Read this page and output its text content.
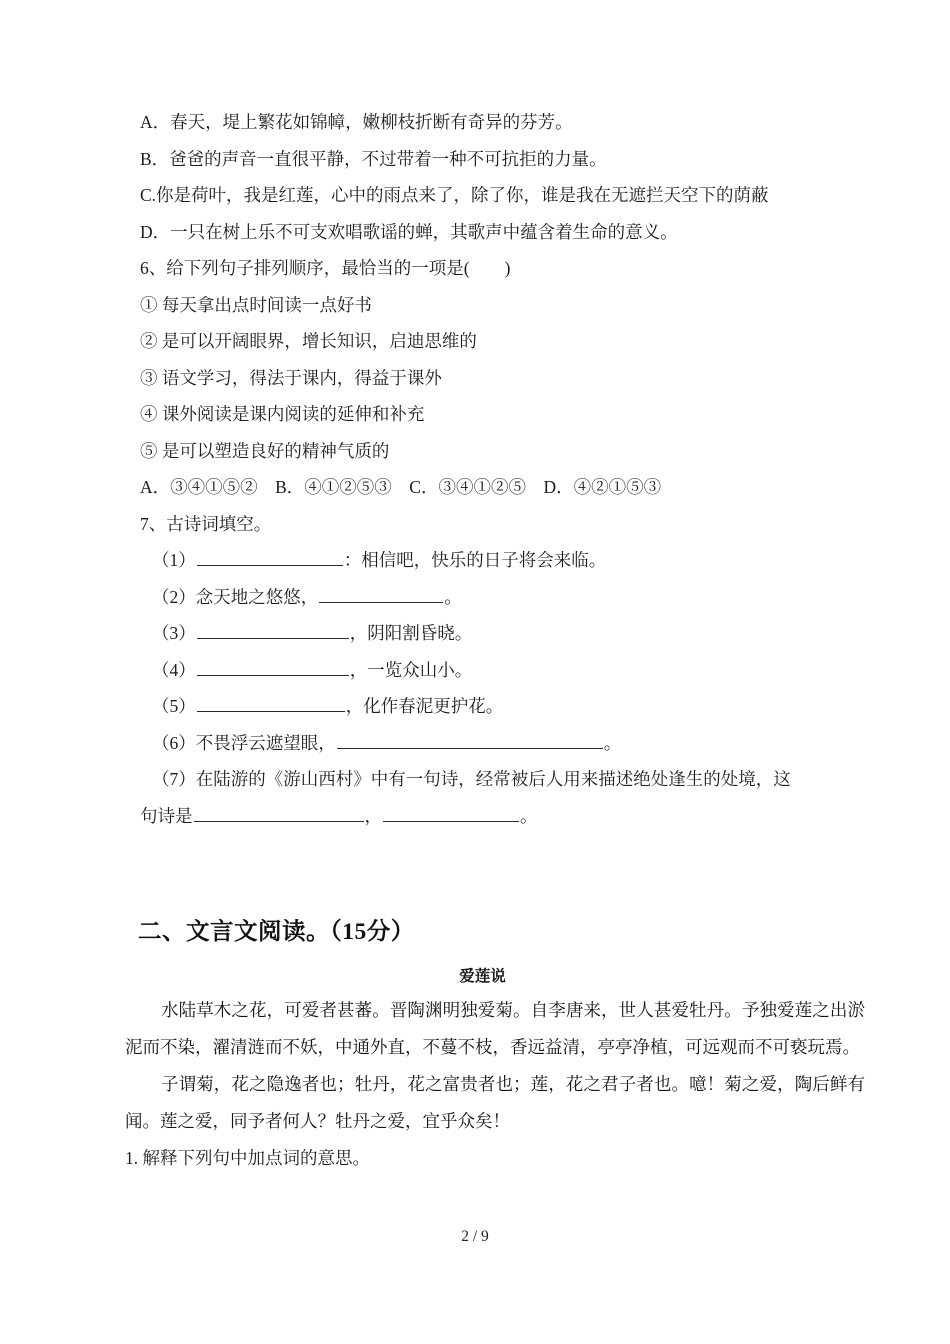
A．春天，堤上繁花如锦幛，嫩柳枝折断有奇异的芬芳。
B．爸爸的声音一直很平静，不过带着一种不可抗拒的力量。
C.你是荷叶，我是红莲，心中的雨点来了，除了你，谁是我在无遮拦天空下的荫蔽
D．一只在树上乐不可支欢唱歌谣的蝉，其歌声中蕴含着生命的意义。
6、给下列句子排列顺序，最恰当的一项是(        )
① 每天拿出点时间读一点好书
② 是可以开阔眼界，增长知识，启迪思维的
③ 语文学习，得法于课内，得益于课外
④ 课外阅读是课内阅读的延伸和补充
⑤ 是可以塑造良好的精神气质的
A．③④①⑤②    B．④①②⑤③    C．③④①②⑤    D．④②①⑤③
7、古诗词填空。
（1）	：相信吧，快乐的日子将会来临。
（2）念天地之悠悠，	。
（3）	，阴阳割昏晓。
（4）	，一览众山小。
（5）	，化作春泥更护花。
（6）不畏浮云遮望眼，	。
（7）在陆游的《游山西村》中有一句诗，经常被后人用来描述绝处逢生的处境，这
句诗是	，	。
二、文言文阅读。（15分）
爱莲说
水陆草木之花，可爱者甚蕃。晋陶渊明独爱菊。自李唐来，世人甚爱牡丹。予独爱莲之出淤泥而不染，濯清涟而不妖，中通外直，不蔓不枝，香远益清，亭亭净植，可远观而不可亵玩焉。
子谓菊，花之隐逸者也；牡丹，花之富贵者也；莲，花之君子者也。噫！菊之爱，陶后鲜有闻。莲之爱，同予者何人？牡丹之爱，宜乎众矣！
1. 解释下列句中加点词的意思。
2 / 9
